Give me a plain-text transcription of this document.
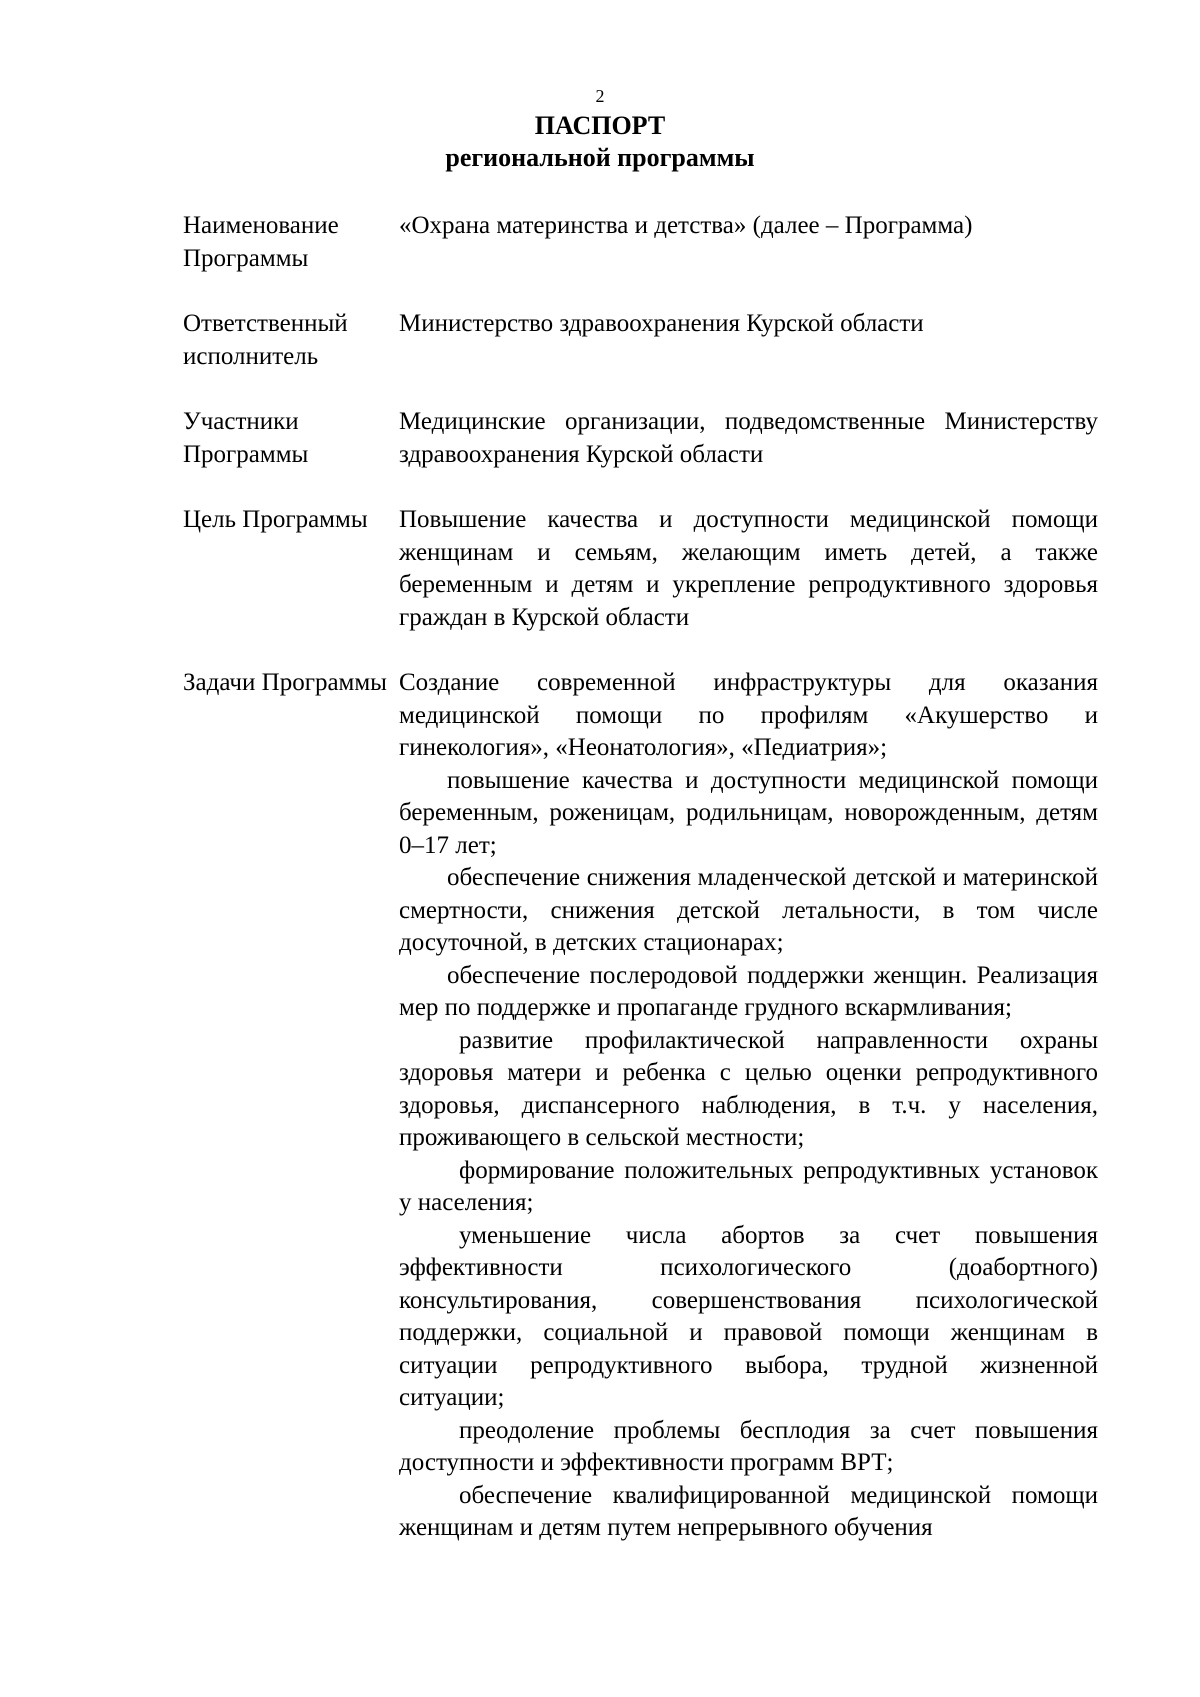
2
ПАСПОРТ
региональной программы
Наименование Программы
«Охрана материнства и детства» (далее – Программа)
Ответственный исполнитель
Министерство здравоохранения Курской области
Участники Программы
Медицинские организации, подведомственные Министерству здравоохранения Курской области
Цель Программы	Повышение качества и доступности медицинской помощи женщинам и семьям, желающим иметь детей, а также беременным и детям и укрепление репродуктивного здоровья граждан в Курской области
Задачи Программы Создание современной инфраструктуры для оказания медицинской помощи по профилям «Акушерство и гинекология», «Неонатология», «Педиатрия»;

повышение качества и доступности медицинской помощи беременным, роженицам, родильницам, новорожденным, детям 0–17 лет;

обеспечение снижения младенческой детской и материнской смертности, снижения детской летальности, в том числе досуточной, в детских стационарах;

обеспечение послеродовой поддержки женщин. Реализация мер по поддержке и пропаганде грудного вскармливания;

развитие профилактической направленности охраны здоровья матери и ребенка с целью оценки репродуктивного здоровья, диспансерного наблюдения, в т.ч. у населения, проживающего в сельской местности;

формирование положительных репродуктивных установок у населения;

уменьшение числа абортов за счет повышения эффективности психологического (доабортного) консультирования, совершенствования психологической поддержки, социальной и правовой помощи женщинам в ситуации репродуктивного выбора, трудной жизненной ситуации;

преодоление проблемы бесплодия за счет повышения доступности и эффективности программ ВРТ;

обеспечение квалифицированной медицинской помощи женщинам и детям путем непрерывного обучения
